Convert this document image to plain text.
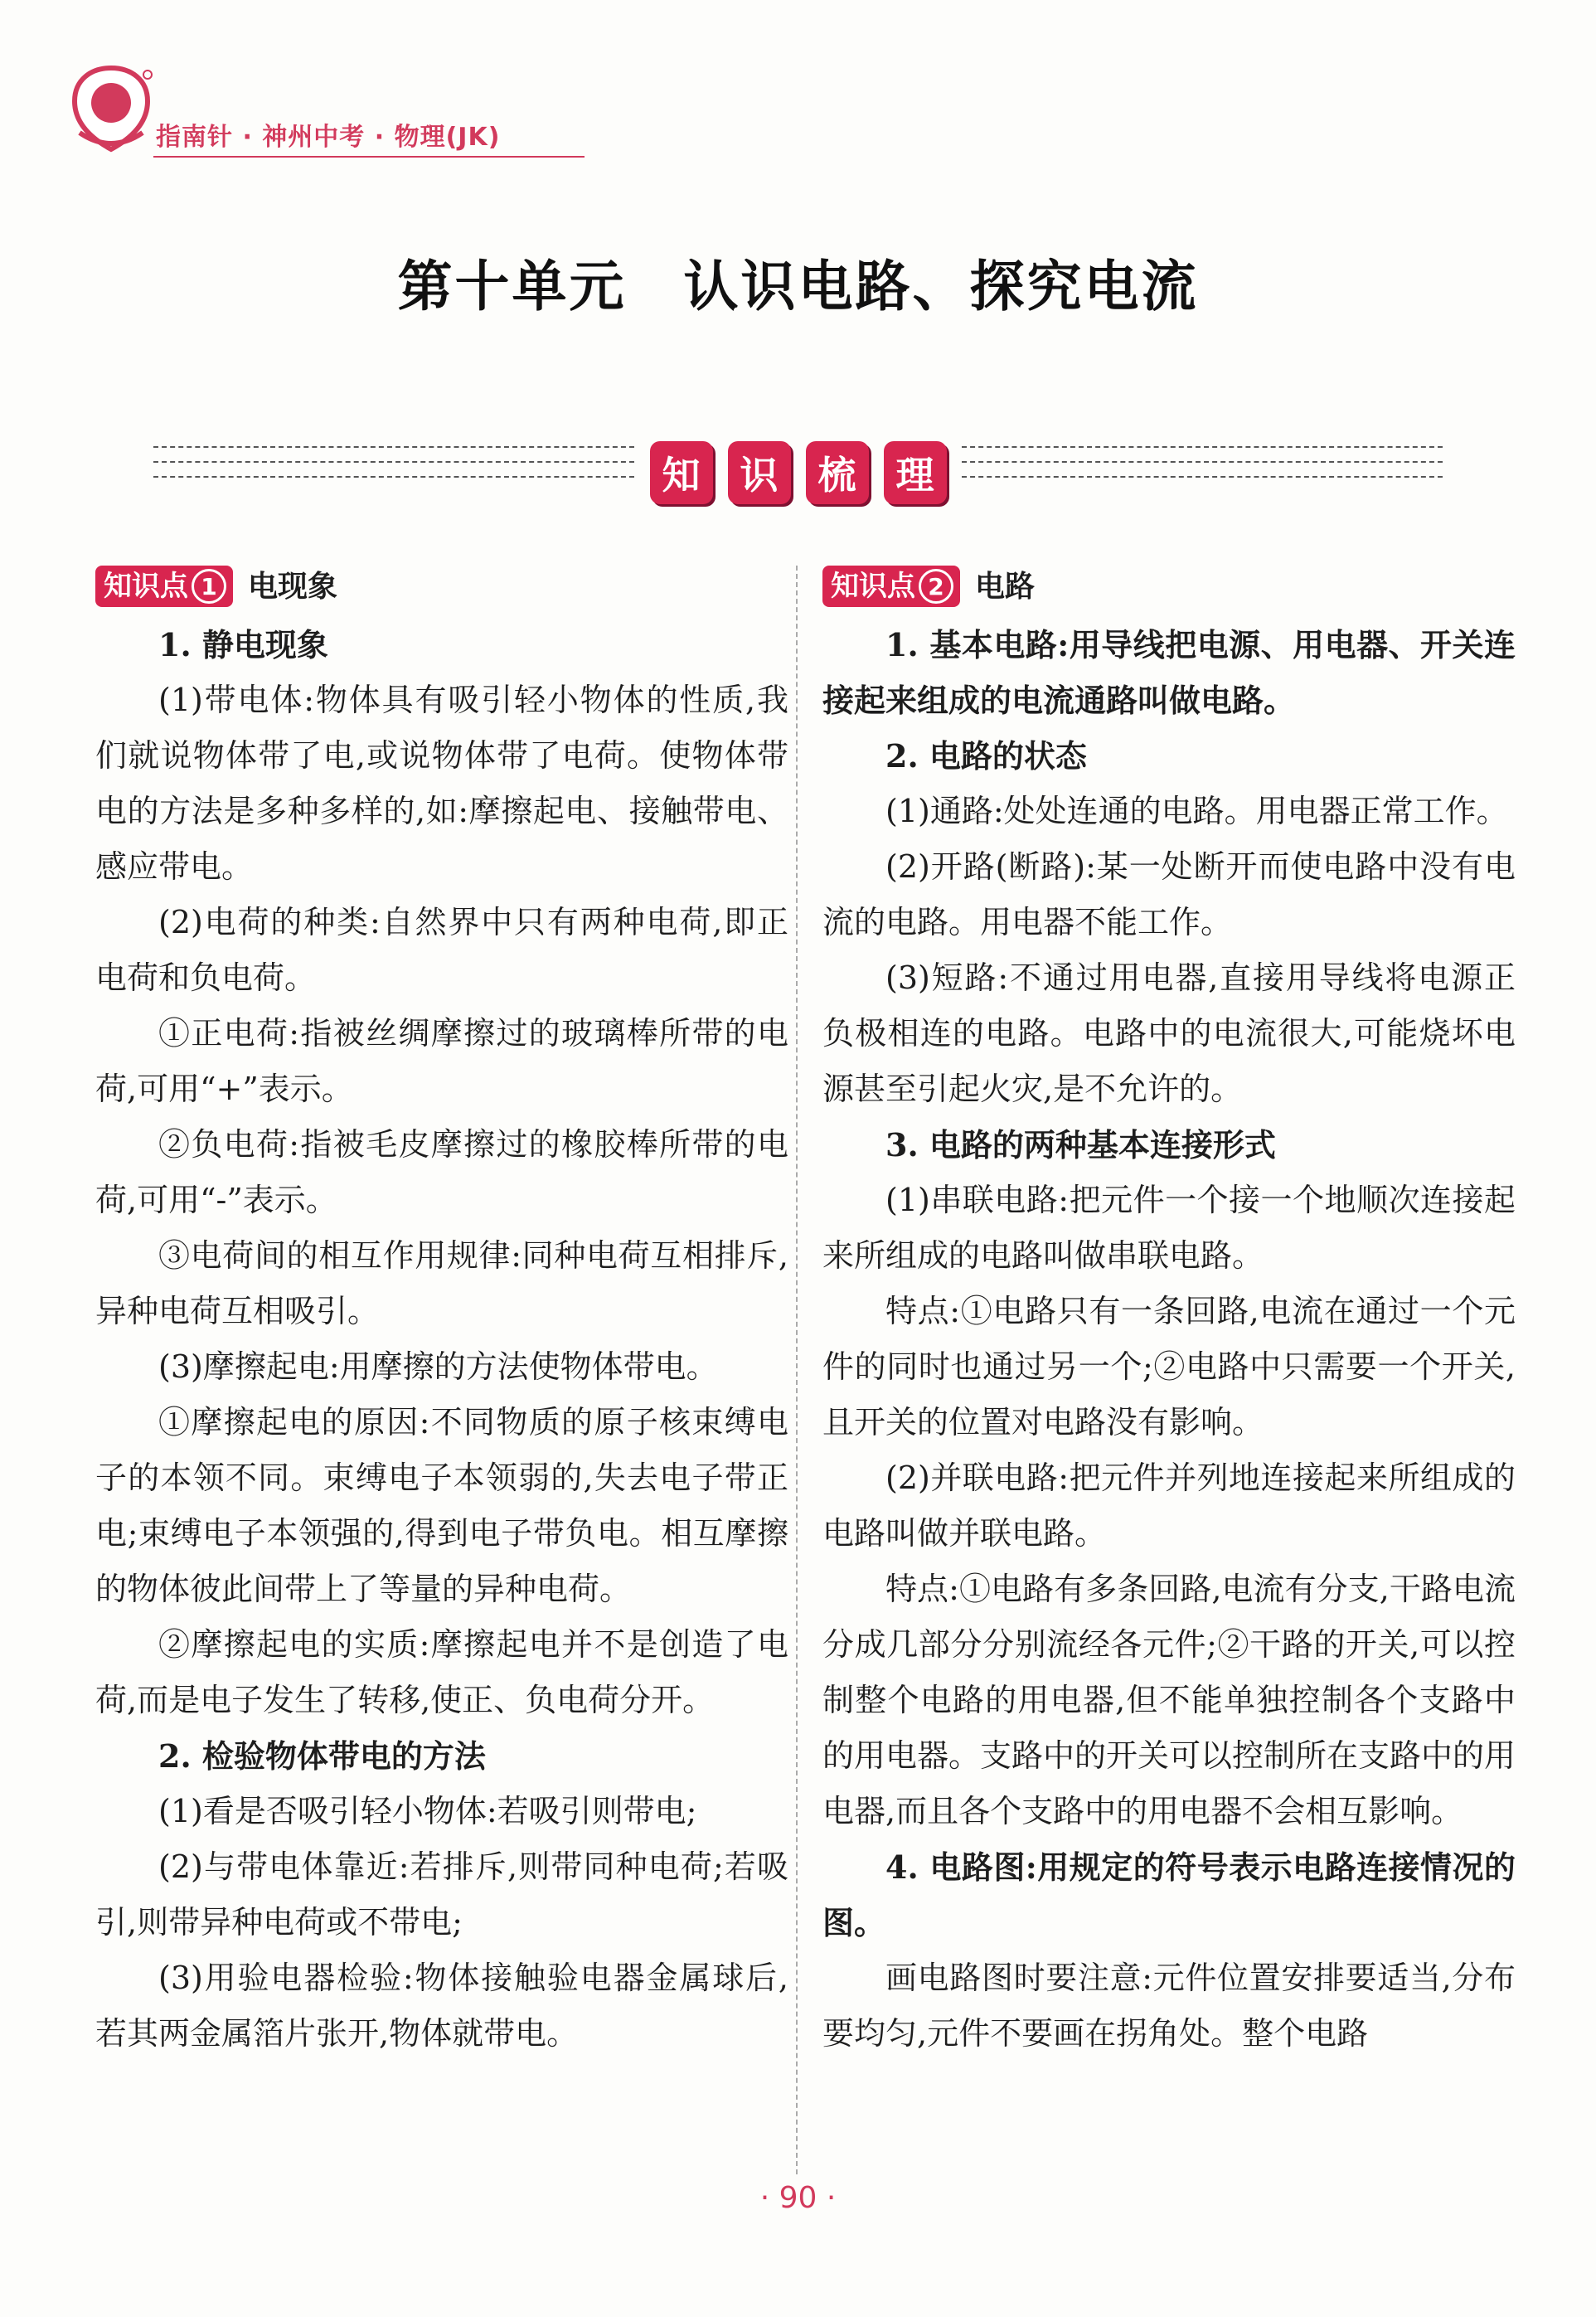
指南针 · 神州中考 · 物理(JK)
第十单元　认识电路、探究电流
知	识	梳	理
知识点 1	电现象

1. 静电现象

(1)带电体:物体具有吸引轻小物体的性质,我们就说物体带了电,或说物体带了电荷。使物体带电的方法是多种多样的,如:摩擦起电、接触带电、感应带电。

(2)电荷的种类:自然界中只有两种电荷,即正电荷和负电荷。

①正电荷:指被丝绸摩擦过的玻璃棒所带的电荷,可用“+”表示。

②负电荷:指被毛皮摩擦过的橡胶棒所带的电荷,可用“-”表示。

③电荷间的相互作用规律:同种电荷互相排斥,异种电荷互相吸引。

(3)摩擦起电:用摩擦的方法使物体带电。

①摩擦起电的原因:不同物质的原子核束缚电子的本领不同。束缚电子本领弱的,失去电子带正电;束缚电子本领强的,得到电子带负电。相互摩擦的物体彼此间带上了等量的异种电荷。

②摩擦起电的实质:摩擦起电并不是创造了电荷,而是电子发生了转移,使正、负电荷分开。

2. 检验物体带电的方法

(1)看是否吸引轻小物体:若吸引则带电;

(2)与带电体靠近:若排斥,则带同种电荷;若吸引,则带异种电荷或不带电;

(3)用验电器检验:物体接触验电器金属球后,若其两金属箔片张开,物体就带电。

知识点 2	电路

1. 基本电路:用导线把电源、用电器、开关连接起来组成的电流通路叫做电路。

2. 电路的状态

(1)通路:处处连通的电路。用电器正常工作。

(2)开路(断路):某一处断开而使电路中没有电流的电路。用电器不能工作。

(3)短路:不通过用电器,直接用导线将电源正负极相连的电路。电路中的电流很大,可能烧坏电源甚至引起火灾,是不允许的。

3. 电路的两种基本连接形式

(1)串联电路:把元件一个接一个地顺次连接起来所组成的电路叫做串联电路。

特点:①电路只有一条回路,电流在通过一个元件的同时也通过另一个;②电路中只需要一个开关,且开关的位置对电路没有影响。

(2)并联电路:把元件并列地连接起来所组成的电路叫做并联电路。

特点:①电路有多条回路,电流有分支,干路电流分成几部分分别流经各元件;②干路的开关,可以控制整个电路的用电器,但不能单独控制各个支路中的用电器。支路中的开关可以控制所在支路中的用电器,而且各个支路中的用电器不会相互影响。

4. 电路图:用规定的符号表示电路连接情况的图。

画电路图时要注意:元件位置安排要适当,分布要均匀,元件不要画在拐角处。整个电路

· 90 ·
